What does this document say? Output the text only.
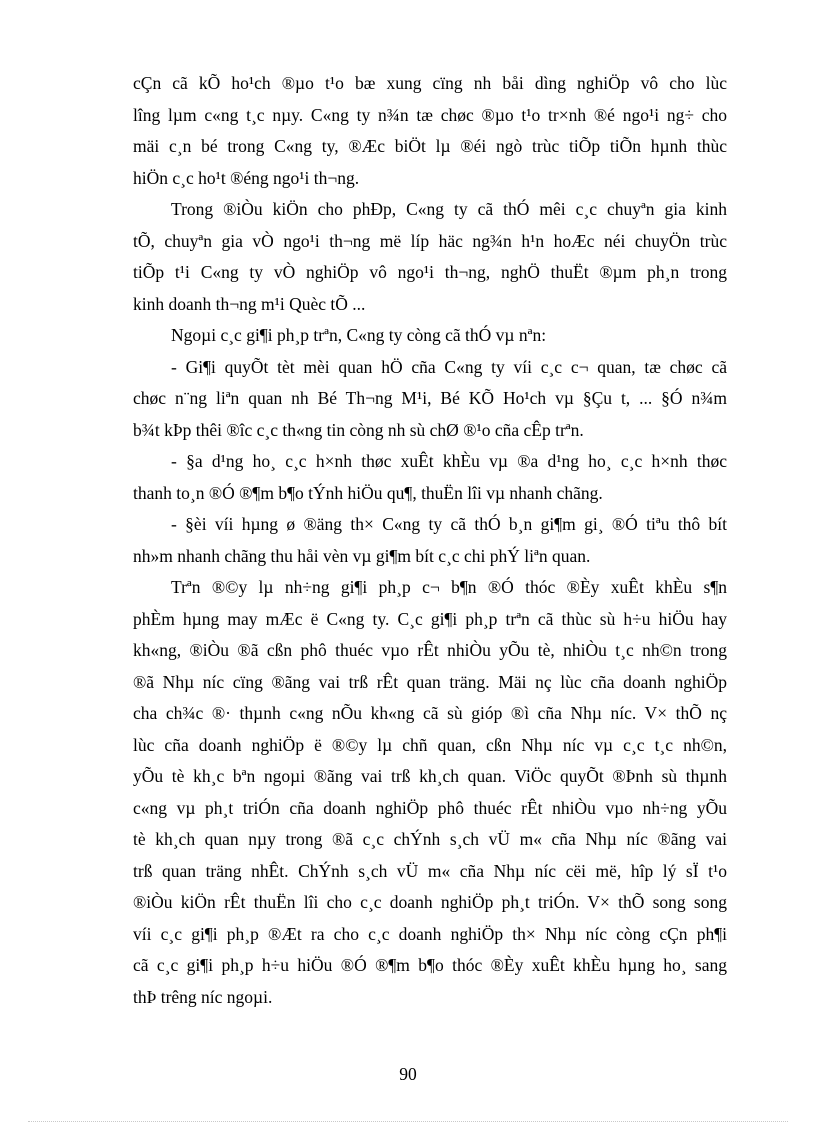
cÇn cã kÕ ho¹ch ®µo t¹o bæ xung cïng nh båi dìng nghiÖp vô cho lùc
lîng lµm c«ng t¸c nµy. C«ng ty n¾n tæ chøc ®µo t¹o tr×nh ®é ngo¹i ng÷ cho
mäi c¸n bé trong C«ng ty, ®Æc biÖt lµ ®éi ngò trùc tiÕp tiÕn hµnh thùc
hiÖn c¸c ho¹t ®éng ngo¹i th¬ng.
Trong ®iÒu kiÖn cho phÐp, C«ng ty cã thÓ mêi c¸c chuyªn gia kinh
tÕ, chuyªn gia vÒ ngo¹i th¬ng më líp häc ng¾n h¹n hoÆc néi chuyÖn trùc
tiÕp t¹i C«ng ty vÒ nghiÖp vô ngo¹i th¬ng, nghÖ thuËt ®µm ph¸n trong
kinh doanh th¬ng m¹i Quèc tÕ ...
Ngoµi c¸c gi¶i ph¸p trªn, C«ng ty còng cã thÓ vµ nªn:
- Gi¶i quyÕt tèt mèi quan hÖ cña C«ng ty víi c¸c c¬ quan, tæ chøc cã
chøc n¨ng liªn quan nh Bé Th¬ng M¹i, Bé KÕ Ho¹ch vµ §Çu t, ... §Ó n¾m
b¾t kÞp thêi ®îc c¸c th«ng tin còng nh sù chØ ®¹o cña cÊp trªn.
- §a d¹ng ho¸ c¸c h×nh thøc xuÊt khÈu vµ ®a d¹ng ho¸ c¸c h×nh thøc
thanh to¸n ®Ó ®¶m b¶o tÝnh hiÖu qu¶, thuËn lîi vµ nhanh chãng.
- §èi víi hµng ø ®äng th× C«ng ty cã thÓ b¸n gi¶m gi¸ ®Ó tiªu thô bít
nh»m nhanh chãng thu håi vèn vµ gi¶m bít c¸c chi phÝ liªn quan.
Trªn ®©y lµ nh÷ng gi¶i ph¸p c¬ b¶n ®Ó thóc ®Èy xuÊt khÈu s¶n
phÈm hµng may mÆc ë C«ng ty. C¸c gi¶i ph¸p trªn cã thùc sù h÷u hiÖu hay
kh«ng, ®iÒu ®ã cßn phô thuéc vµo rÊt nhiÒu yÕu tè, nhiÒu t¸c nh©n trong
®ã Nhµ níc cïng ®ãng vai trß rÊt quan träng. Mäi nç lùc cña doanh nghiÖp
cha ch¾c ®· thµnh c«ng nÕu kh«ng cã sù gióp ®ì cña Nhµ níc. V× thÕ nç
lùc cña doanh nghiÖp ë ®©y lµ chñ quan, cßn Nhµ níc vµ c¸c t¸c nh©n,
yÕu tè kh¸c bªn ngoµi ®ãng vai trß kh¸ch quan. ViÖc quyÕt ®Þnh sù thµnh
c«ng vµ ph¸t triÓn cña doanh nghiÖp phô thuéc rÊt nhiÒu vµo nh÷ng yÕu
tè kh¸ch quan nµy trong ®ã c¸c chÝnh s¸ch vÜ m« cña Nhµ níc ®ãng vai
trß quan träng nhÊt. ChÝnh s¸ch vÜ m« cña Nhµ níc cëi më, hîp lý sÏ t¹o
®iÒu kiÖn rÊt thuËn lîi cho c¸c doanh nghiÖp ph¸t triÓn. V× thÕ song song
víi c¸c gi¶i ph¸p ®Æt ra cho c¸c doanh nghiÖp th× Nhµ níc còng cÇn ph¶i
cã c¸c gi¶i ph¸p h÷u hiÖu ®Ó ®¶m b¶o thóc ®Èy xuÊt khÈu hµng ho¸ sang
thÞ trêng níc ngoµi.
90
